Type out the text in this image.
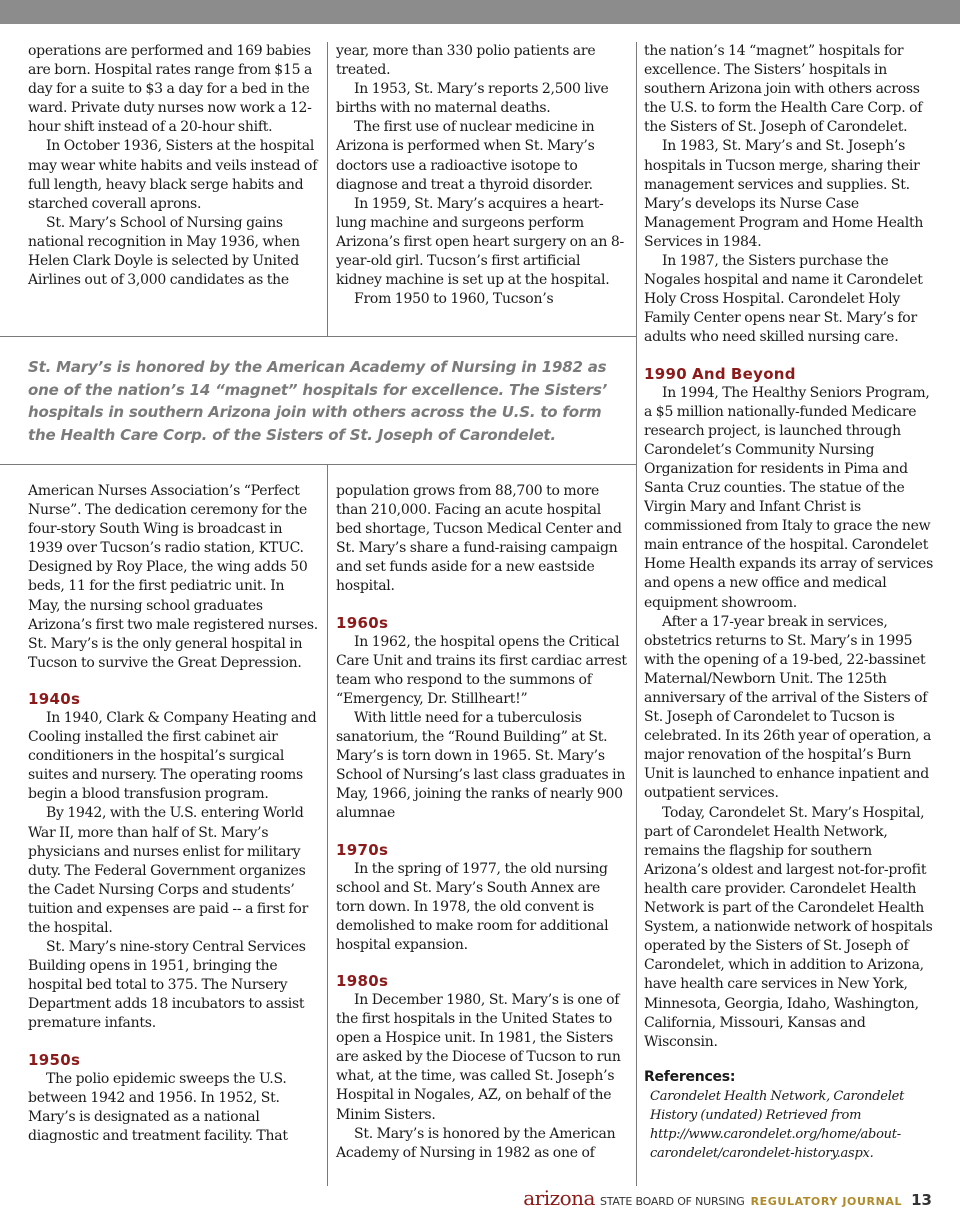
operations are performed and 169 babies are born. Hospital rates range from $15 a day for a suite to $3 a day for a bed in the ward. Private duty nurses now work a 12-hour shift instead of a 20-hour shift.

In October 1936, Sisters at the hospital may wear white habits and veils instead of full length, heavy black serge habits and starched coverall aprons.

St. Mary’s School of Nursing gains national recognition in May 1936, when Helen Clark Doyle is selected by United Airlines out of 3,000 candidates as the

year, more than 330 polio patients are treated.

In 1953, St. Mary’s reports 2,500 live births with no maternal deaths.

The first use of nuclear medicine in Arizona is performed when St. Mary’s doctors use a radioactive isotope to diagnose and treat a thyroid disorder.

In 1959, St. Mary’s acquires a heart-lung machine and surgeons perform Arizona’s first open heart surgery on an 8-year-old girl. Tucson’s first artificial kidney machine is set up at the hospital.

From 1950 to 1960, Tucson’s

St. Mary’s is honored by the American Academy of Nursing in 1982 as one of the nation’s 14 “magnet” hospitals for excellence. The Sisters’ hospitals in southern Arizona join with others across the U.S. to form the Health Care Corp. of the Sisters of St. Joseph of Carondelet.

American Nurses Association’s “Perfect Nurse”. The dedication ceremony for the four-story South Wing is broadcast in 1939 over Tucson’s radio station, KTUC. Designed by Roy Place, the wing adds 50 beds, 11 for the first pediatric unit. In May, the nursing school graduates Arizona’s first two male registered nurses. St. Mary’s is the only general hospital in Tucson to survive the Great Depression.

1940s

In 1940, Clark & Company Heating and Cooling installed the first cabinet air conditioners in the hospital’s surgical suites and nursery. The operating rooms begin a blood transfusion program.

By 1942, with the U.S. entering World War II, more than half of St. Mary’s physicians and nurses enlist for military duty. The Federal Government organizes the Cadet Nursing Corps and students’ tuition and expenses are paid -- a first for the hospital.

St. Mary’s nine-story Central Services Building opens in 1951, bringing the hospital bed total to 375. The Nursery Department adds 18 incubators to assist premature infants.

1950s

The polio epidemic sweeps the U.S. between 1942 and 1956. In 1952, St. Mary’s is designated as a national diagnostic and treatment facility. That

population grows from 88,700 to more than 210,000. Facing an acute hospital bed shortage, Tucson Medical Center and St. Mary’s share a fund-raising campaign and set funds aside for a new eastside hospital.

1960s

In 1962, the hospital opens the Critical Care Unit and trains its first cardiac arrest team who respond to the summons of “Emergency, Dr. Stillheart!”

With little need for a tuberculosis sanatorium, the “Round Building” at St. Mary’s is torn down in 1965. St. Mary’s School of Nursing’s last class graduates in May, 1966, joining the ranks of nearly 900 alumnae

1970s

In the spring of 1977, the old nursing school and St. Mary’s South Annex are torn down. In 1978, the old convent is demolished to make room for additional hospital expansion.

1980s

In December 1980, St. Mary’s is one of the first hospitals in the United States to open a Hospice unit. In 1981, the Sisters are asked by the Diocese of Tucson to run what, at the time, was called St. Joseph’s Hospital in Nogales, AZ, on behalf of the Minim Sisters.

St. Mary’s is honored by the American Academy of Nursing in 1982 as one of

the nation’s 14 “magnet” hospitals for excellence. The Sisters’ hospitals in southern Arizona join with others across the U.S. to form the Health Care Corp. of the Sisters of St. Joseph of Carondelet.

In 1983, St. Mary’s and St. Joseph’s hospitals in Tucson merge, sharing their management services and supplies. St. Mary’s develops its Nurse Case Management Program and Home Health Services in 1984.

In 1987, the Sisters purchase the Nogales hospital and name it Carondelet Holy Cross Hospital. Carondelet Holy Family Center opens near St. Mary’s for adults who need skilled nursing care.

1990 And Beyond

In 1994, The Healthy Seniors Program, a $5 million nationally-funded Medicare research project, is launched through Carondelet’s Community Nursing Organization for residents in Pima and Santa Cruz counties. The statue of the Virgin Mary and Infant Christ is commissioned from Italy to grace the new main entrance of the hospital. Carondelet Home Health expands its array of services and opens a new office and medical equipment showroom.

After a 17-year break in services, obstetrics returns to St. Mary’s in 1995 with the opening of a 19-bed, 22-bassinet Maternal/Newborn Unit. The 125th anniversary of the arrival of the Sisters of St. Joseph of Carondelet to Tucson is celebrated. In its 26th year of operation, a major renovation of the hospital’s Burn Unit is launched to enhance inpatient and outpatient services.

Today, Carondelet St. Mary’s Hospital, part of Carondelet Health Network, remains the flagship for southern Arizona’s oldest and largest not-for-profit health care provider. Carondelet Health Network is part of the Carondelet Health System, a nationwide network of hospitals operated by the Sisters of St. Joseph of Carondelet, which in addition to Arizona, have health care services in New York, Minnesota, Georgia, Idaho, Washington, California, Missouri, Kansas and Wisconsin.

References:
Carondelet Health Network, Carondelet History (undated) Retrieved from http://www.carondelet.org/home/about-carondelet/carondelet-history.aspx.
arizona STATE BOARD OF NURSING REGULATORY JOURNAL 13
